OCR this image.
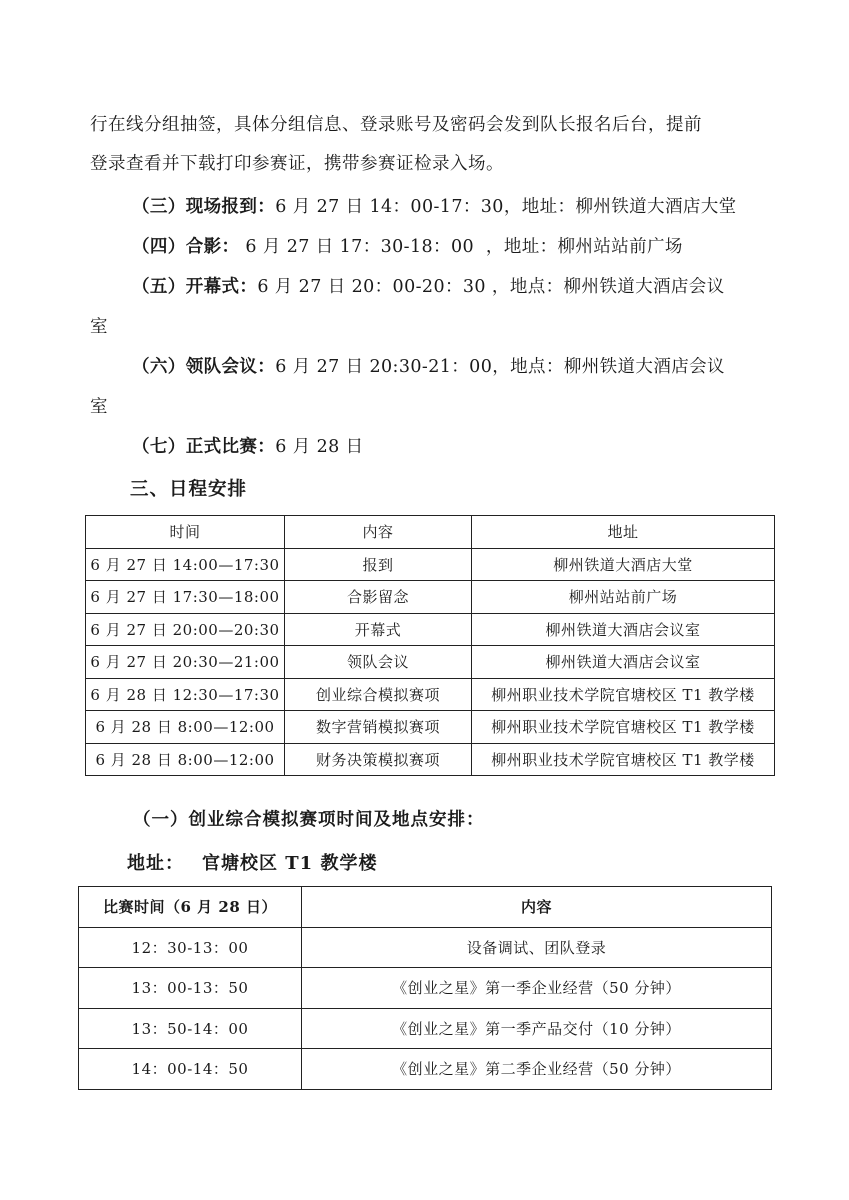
行在线分组抽签，具体分组信息、登录账号及密码会发到队长报名后台，提前
登录查看并下载打印参赛证，携带参赛证检录入场。
（三）现场报到：6 月 27 日 14：00-17：30，地址：柳州铁道大酒店大堂
（四）合影： 6 月 27 日 17：30-18：00  ，地址：柳州站站前广场
（五）开幕式：6 月 27 日 20：00-20：30 ，地点：柳州铁道大酒店会议
室
（六）领队会议：6 月 27 日 20:30-21：00，地点：柳州铁道大酒店会议
室
（七）正式比赛：6 月 28 日
三、日程安排
时间	内容	地址
6 月 27 日 14:00—17:30	报到	柳州铁道大酒店大堂
6 月 27 日 17:30—18:00	合影留念	柳州站站前广场
6 月 27 日 20:00—20:30	开幕式	柳州铁道大酒店会议室
6 月 27 日 20:30—21:00	领队会议	柳州铁道大酒店会议室
6 月 28 日 12:30—17:30	创业综合模拟赛项	柳州职业技术学院官塘校区 T1 教学楼
6 月 28 日 8:00—12:00	数字营销模拟赛项	柳州职业技术学院官塘校区 T1 教学楼
6 月 28 日 8:00—12:00	财务决策模拟赛项	柳州职业技术学院官塘校区 T1 教学楼
（一）创业综合模拟赛项时间及地点安排：
地址： 官塘校区 T1 教学楼
比赛时间（6 月 28 日）	内容
12：30-13：00	设备调试、团队登录
13：00-13：50	《创业之星》第一季企业经营（50 分钟）
13：50-14：00	《创业之星》第一季产品交付（10 分钟）
14：00-14：50	《创业之星》第二季企业经营（50 分钟）
